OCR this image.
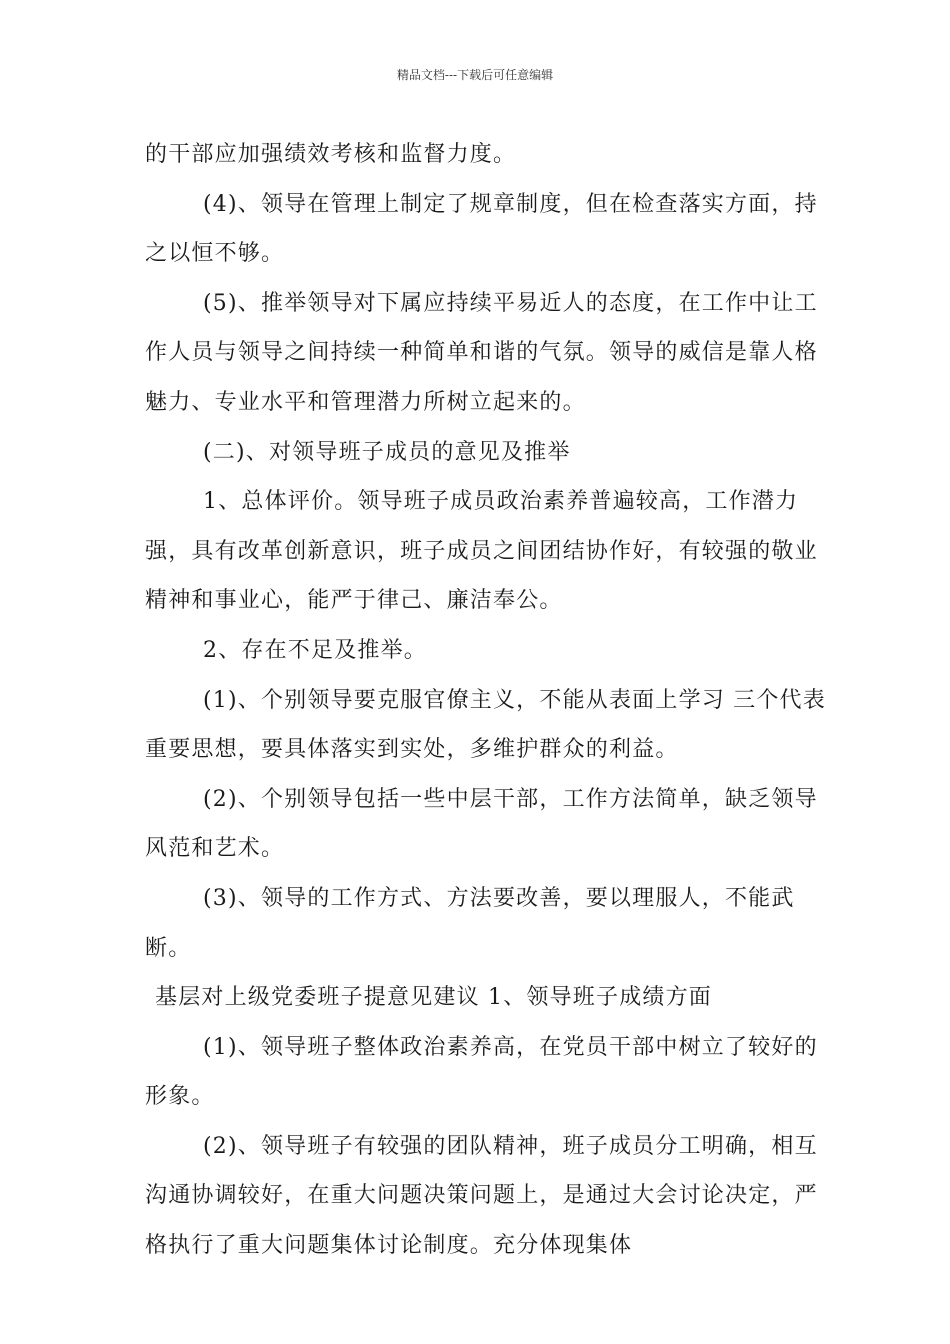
精品文档---下载后可任意编辑

的干部应加强绩效考核和监督力度。

(4)、领导在管理上制定了规章制度，但在检查落实方面，持之以恒不够。

(5)、推举领导对下属应持续平易近人的态度，在工作中让工作人员与领导之间持续一种简单和谐的气氛。领导的威信是靠人格魅力、专业水平和管理潜力所树立起来的。

(二)、对领导班子成员的意见及推举

1、总体评价。领导班子成员政治素养普遍较高，工作潜力强，具有改革创新意识，班子成员之间团结协作好，有较强的敬业精神和事业心，能严于律己、廉洁奉公。

2、存在不足及推举。

(1)、个别领导要克服官僚主义，不能从表面上学习 三个代表重要思想，要具体落实到实处，多维护群众的利益。

(2)、个别领导包括一些中层干部，工作方法简单，缺乏领导风范和艺术。

(3)、领导的工作方式、方法要改善，要以理服人，不能武断。

基层对上级党委班子提意见建议 1、领导班子成绩方面

(1)、领导班子整体政治素养高，在党员干部中树立了较好的形象。

(2)、领导班子有较强的团队精神，班子成员分工明确，相互沟通协调较好，在重大问题决策问题上，是通过大会讨论决定，严格执行了重大问题集体讨论制度。充分体现集体
